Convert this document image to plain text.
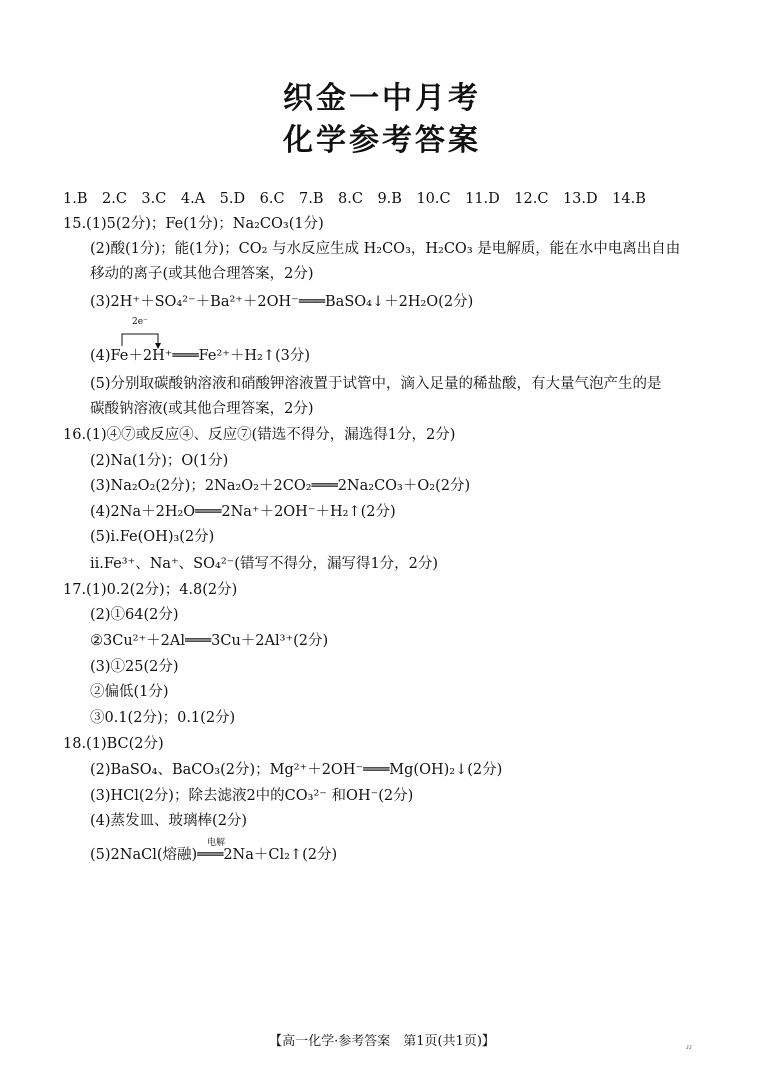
织金一中月考
化学参考答案
1.B　2.C　3.C　4.A　5.D　6.C　7.B　8.C　9.B　10.C　11.D　12.C　13.D　14.B
15.(1)5(2分)；Fe(1分)；Na₂CO₃(1分)
(2)酸(1分)；能(1分)；CO₂ 与水反应生成 H₂CO₃，H₂CO₃ 是电解质，能在水中电离出自由
移动的离子(或其他合理答案，2分)
(3)2H⁺＋SO₄²⁻＋Ba²⁺＋2OH⁻═══BaSO₄↓＋2H₂O(2分)
2e⁻
(4)Fe＋2H⁺═══Fe²⁺＋H₂↑(3分)
(5)分别取碳酸钠溶液和硝酸钾溶液置于试管中，滴入足量的稀盐酸，有大量气泡产生的是
碳酸钠溶液(或其他合理答案，2分)
16.(1)④⑦或反应④、反应⑦(错选不得分，漏选得1分，2分)
(2)Na(1分)；O(1分)
(3)Na₂O₂(2分)；2Na₂O₂＋2CO₂═══2Na₂CO₃＋O₂(2分)
(4)2Na＋2H₂O═══2Na⁺＋2OH⁻＋H₂↑(2分)
(5)ⅰ.Fe(OH)₃(2分)
ⅱ.Fe³⁺、Na⁺、SO₄²⁻(错写不得分，漏写得1分，2分)
17.(1)0.2(2分)；4.8(2分)
(2)①64(2分)
②3Cu²⁺＋2Al═══3Cu＋2Al³⁺(2分)
(3)①25(2分)
②偏低(1分)
③0.1(2分)；0.1(2分)
18.(1)BC(2分)
(2)BaSO₄、BaCO₃(2分)；Mg²⁺＋2OH⁻═══Mg(OH)₂↓(2分)
(3)HCl(2分)；除去滤液2中的CO₃²⁻ 和OH⁻(2分)
(4)蒸发皿、玻璃棒(2分)
电解
(5)2NaCl(熔融)═══2Na＋Cl₂↑(2分)
【高一化学·参考答案　第1页(共1页)】	ᴊᴊ
